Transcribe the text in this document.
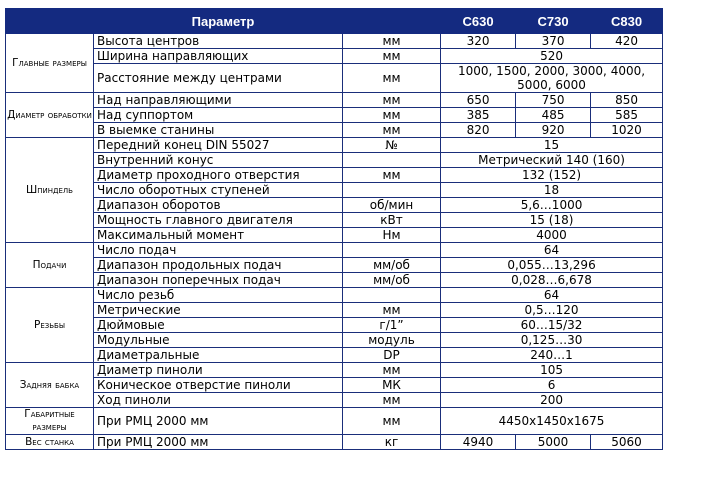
Параметр			С630	С730	С830
Главные размеры	Высота центров	мм	320	370	420
	Ширина направляющих	мм	520		
	Расстояние между центрами	мм	1000, 1500, 2000, 3000, 4000, 5000, 6000		
Диаметр обработки	Над направляющими	мм	650	750	850
	Над суппортом	мм	385	485	585
	В выемке станины	мм	820	920	1020
Шпиндель	Передний конец DIN 55027	№	15		
	Внутренний конус		Метрический 140 (160)		
	Диаметр проходного отверстия	мм	132 (152)		
	Число оборотных ступеней		18		
	Диапазон оборотов	об/мин	5,6…1000		
	Мощность главного двигателя	кВт	15 (18)		
	Максимальный момент	Нм	4000		
Подачи	Число подач		64		
	Диапазон продольных подач	мм/об	0,055…13,296		
	Диапазон поперечных подач	мм/об	0,028…6,678		
Резьбы	Число резьб		64		
	Метрические	мм	0,5…120		
	Дюймовые	г/1”	60…15/32		
	Модульные	модуль	0,125…30		
	Диаметральные	DP	240…1		
Задняя бабка	Диаметр пиноли	мм	105		
	Коническое отверстие пиноли	МК	6		
	Ход пиноли	мм	200		
Габаритные размеры	При РМЦ 2000 мм	мм	4450x1450x1675		
Вес станка	При РМЦ 2000 мм	кг	4940	5000	5060
